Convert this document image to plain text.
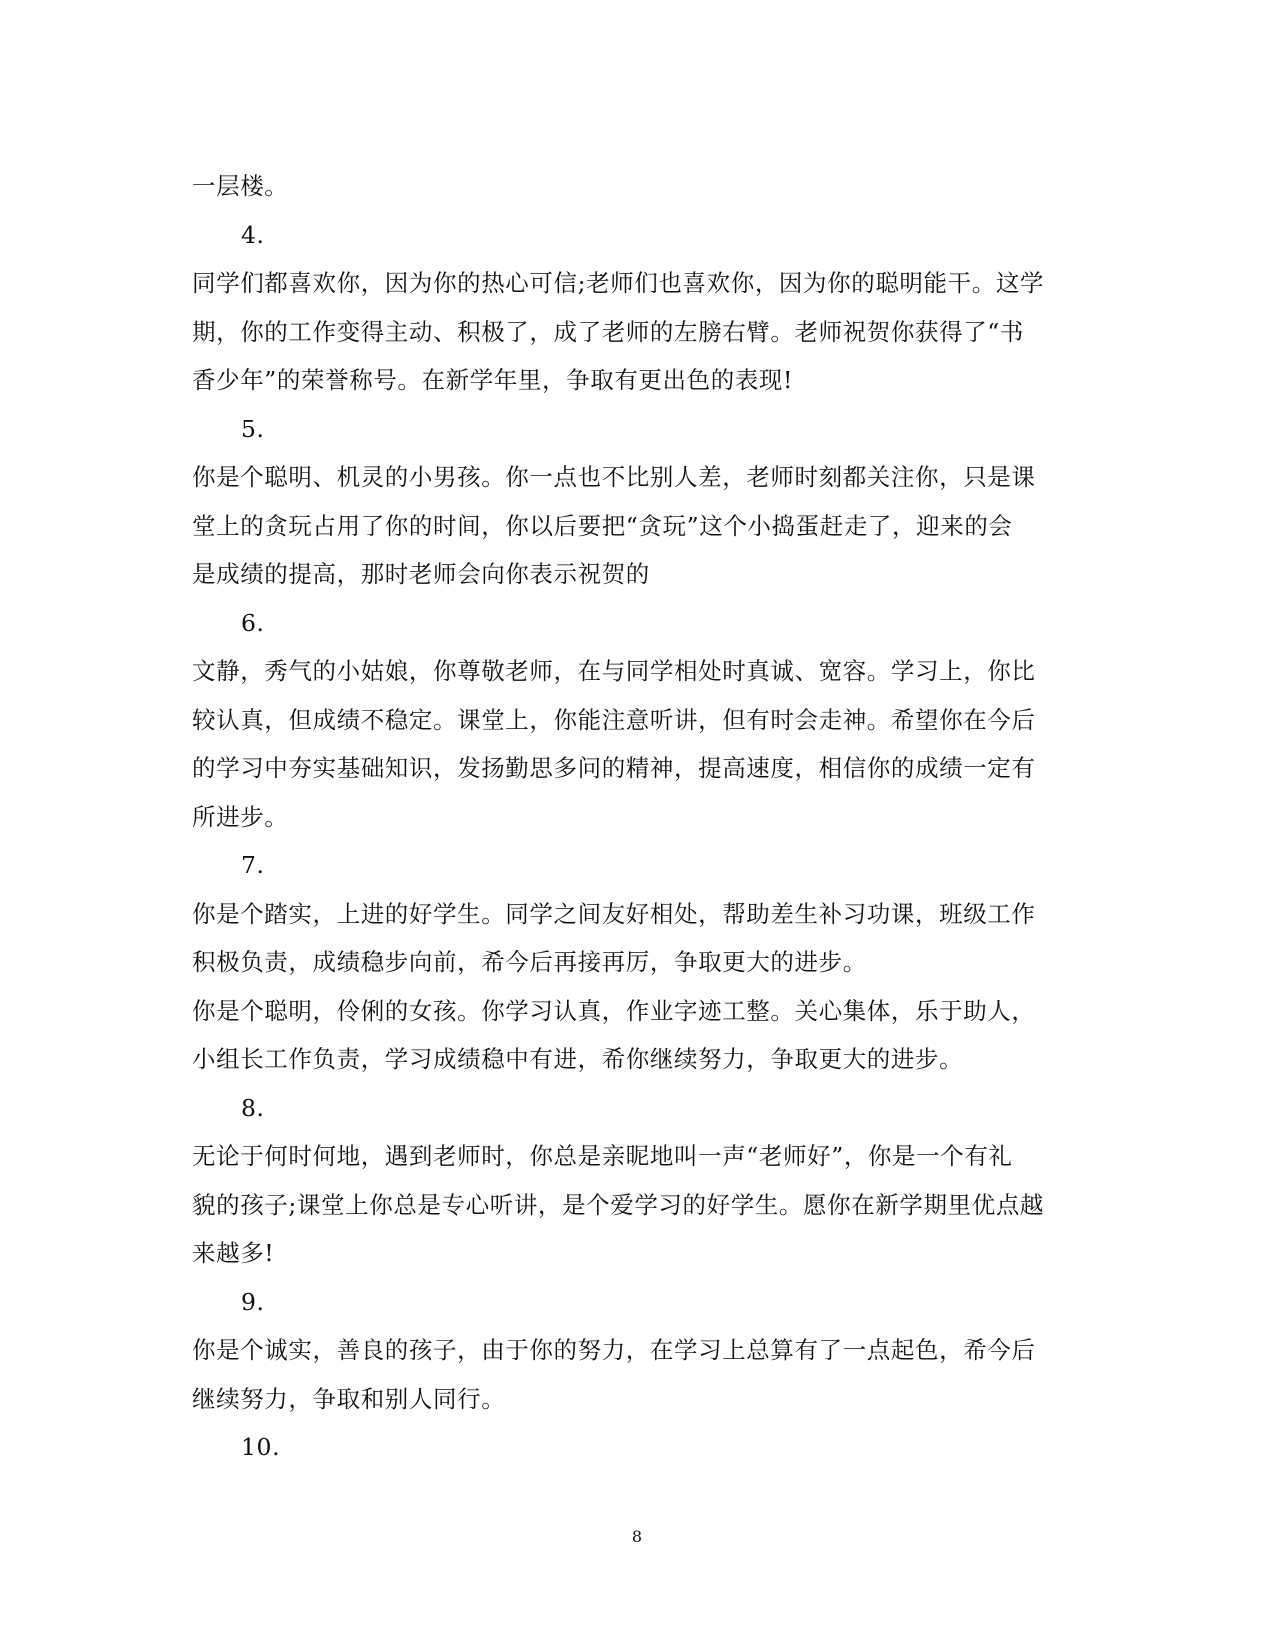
一层楼。
4.
同学们都喜欢你，因为你的热心可信;老师们也喜欢你，因为你的聪明能干。这学
期，你的工作变得主动、积极了，成了老师的左膀右臂。老师祝贺你获得了“书
香少年”的荣誉称号。在新学年里，争取有更出色的表现!
5.
你是个聪明、机灵的小男孩。你一点也不比别人差，老师时刻都关注你，只是课
堂上的贪玩占用了你的时间，你以后要把“贪玩”这个小捣蛋赶走了，迎来的会
是成绩的提高，那时老师会向你表示祝贺的
6.
文静，秀气的小姑娘，你尊敬老师，在与同学相处时真诚、宽容。学习上，你比
较认真，但成绩不稳定。课堂上，你能注意听讲，但有时会走神。希望你在今后
的学习中夯实基础知识，发扬勤思多问的精神，提高速度，相信你的成绩一定有
所进步。
7.
你是个踏实，上进的好学生。同学之间友好相处，帮助差生补习功课，班级工作
积极负责，成绩稳步向前，希今后再接再厉，争取更大的进步。
你是个聪明，伶俐的女孩。你学习认真，作业字迹工整。关心集体，乐于助人，
小组长工作负责，学习成绩稳中有进，希你继续努力，争取更大的进步。
8.
无论于何时何地，遇到老师时，你总是亲昵地叫一声“老师好”，你是一个有礼
貌的孩子;课堂上你总是专心听讲，是个爱学习的好学生。愿你在新学期里优点越
来越多!
9.
你是个诚实，善良的孩子，由于你的努力，在学习上总算有了一点起色，希今后
继续努力，争取和别人同行。
10.
8
